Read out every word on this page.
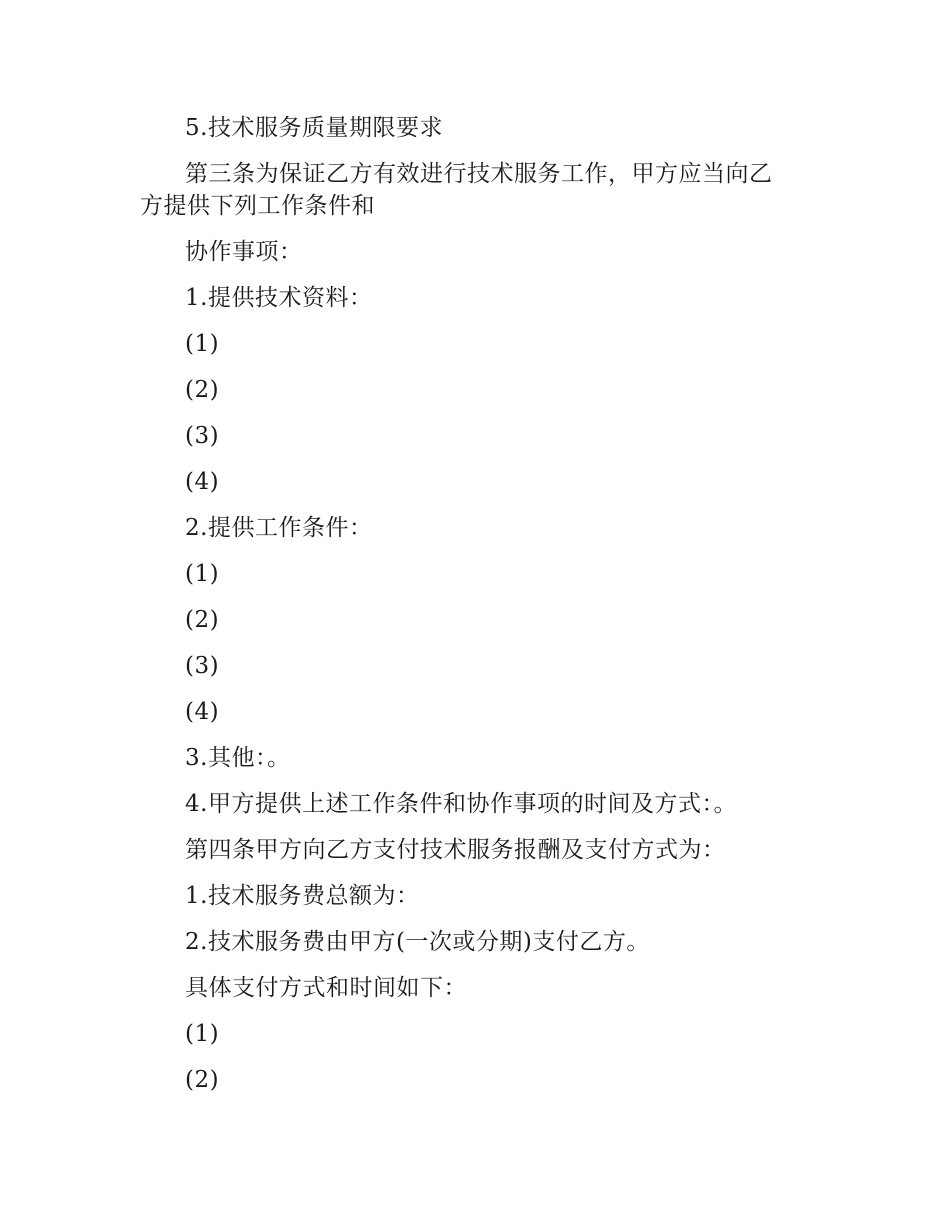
5.技术服务质量期限要求
第三条为保证乙方有效进行技术服务工作，甲方应当向乙
方提供下列工作条件和
协作事项：
1.提供技术资料：
(1)
(2)
(3)
(4)
2.提供工作条件：
(1)
(2)
(3)
(4)
3.其他：。
4.甲方提供上述工作条件和协作事项的时间及方式：。
第四条甲方向乙方支付技术服务报酬及支付方式为：
1.技术服务费总额为：
2.技术服务费由甲方(一次或分期)支付乙方。
具体支付方式和时间如下：
(1)
(2)
